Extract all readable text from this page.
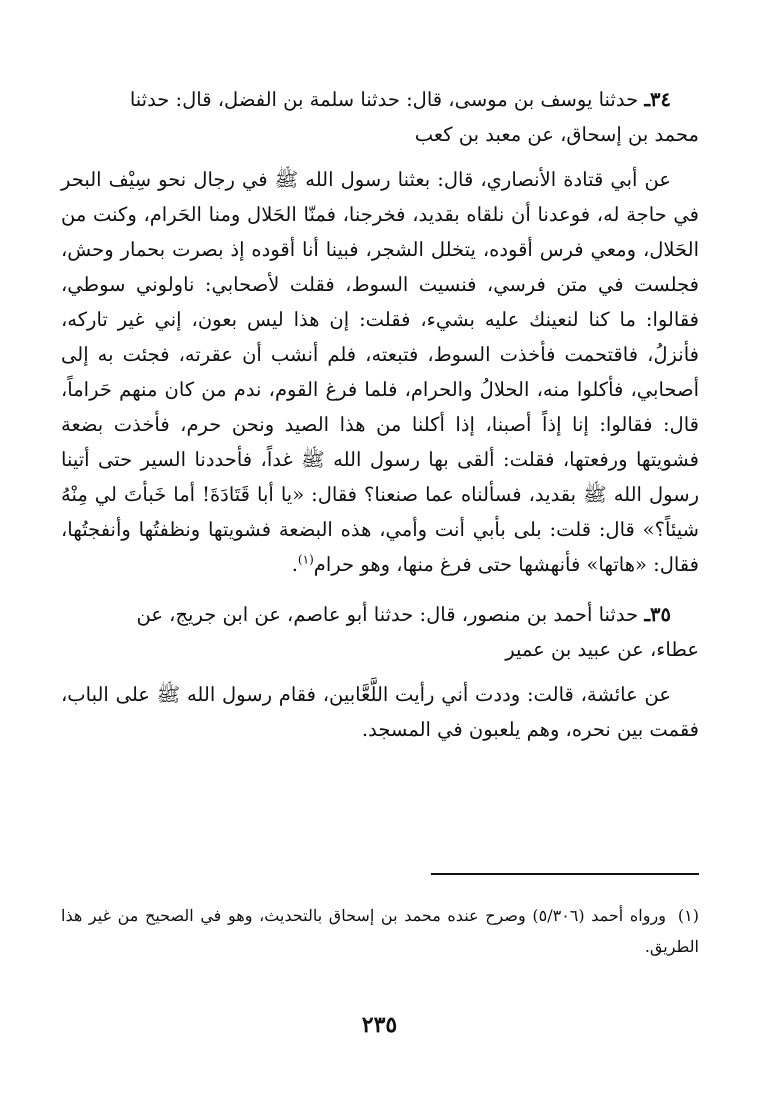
٣٤ـ حدثنا يوسف بن موسى، قال: حدثنا سلمة بن الفضل، قال: حدثنا
محمد بن إسحاق، عن معبد بن كعب

عن أبي قتادة الأنصاري، قال: بعثنا رسول الله ﷺ في رجال نحو سِيْف البحر في حاجة له، فوعدنا أن نلقاه بقديد، فخرجنا، فمنّا الحَلال ومنا الحَرام، وكنت من الحَلال، ومعي فرس أقوده، يتخلل الشجر، فبينا أنا أقوده إذ بصرت بحمار وحش، فجلست في متن فرسي، فنسيت السوط، فقلت لأصحابي: ناولوني سوطي، فقالوا: ما كنا لنعينك عليه بشيء، فقلت: إن هذا ليس بعون، إني غير تاركه، فأنزلُ، فاقتحمت فأخذت السوط، فتبعته، فلم أنشب أن عقرته، فجئت به إلى أصحابي، فأكلوا منه، الحلالُ والحرام، فلما فرغ القوم، ندم من كان منهم حَراماً، قال: فقالوا: إنا إذاً أصبنا، إذا أكلنا من هذا الصيد ونحن حرم، فأخذت بضعة فشويتها ورفعتها، فقلت: ألقى بها رسول الله ﷺ غداً، فأحددنا السير حتى أتينا رسول الله ﷺ بقديد، فسألناه عما صنعنا؟ فقال: «يا أبا قَتَادَةَ! أما خَبأتَ لي مِنْهُ شيئاً؟» قال: قلت: بلى بأبي أنت وأمي، هذه البضعة فشويتها ونظفتُها وأنفجتُها، فقال: «هاتها» فأنهشها حتى فرغ منها، وهو حرام$^{(١)}$.

٣٥ـ حدثنا أحمد بن منصور، قال: حدثنا أبو عاصم، عن ابن جريج، عن
عطاء، عن عبيد بن عمير

عن عائشة، قالت: وددت أني رأيت اللَّعَّابين، فقام رسول الله ﷺ على الباب، فقمت بين نحره، وهم يلعبون في المسجد.

(١)ورواه أحمد (٥/٣٠٦) وصرح عنده محمد بن إسحاق بالتحديث، وهو في الصحيح من غير هذا الطريق.
٢٣٥
